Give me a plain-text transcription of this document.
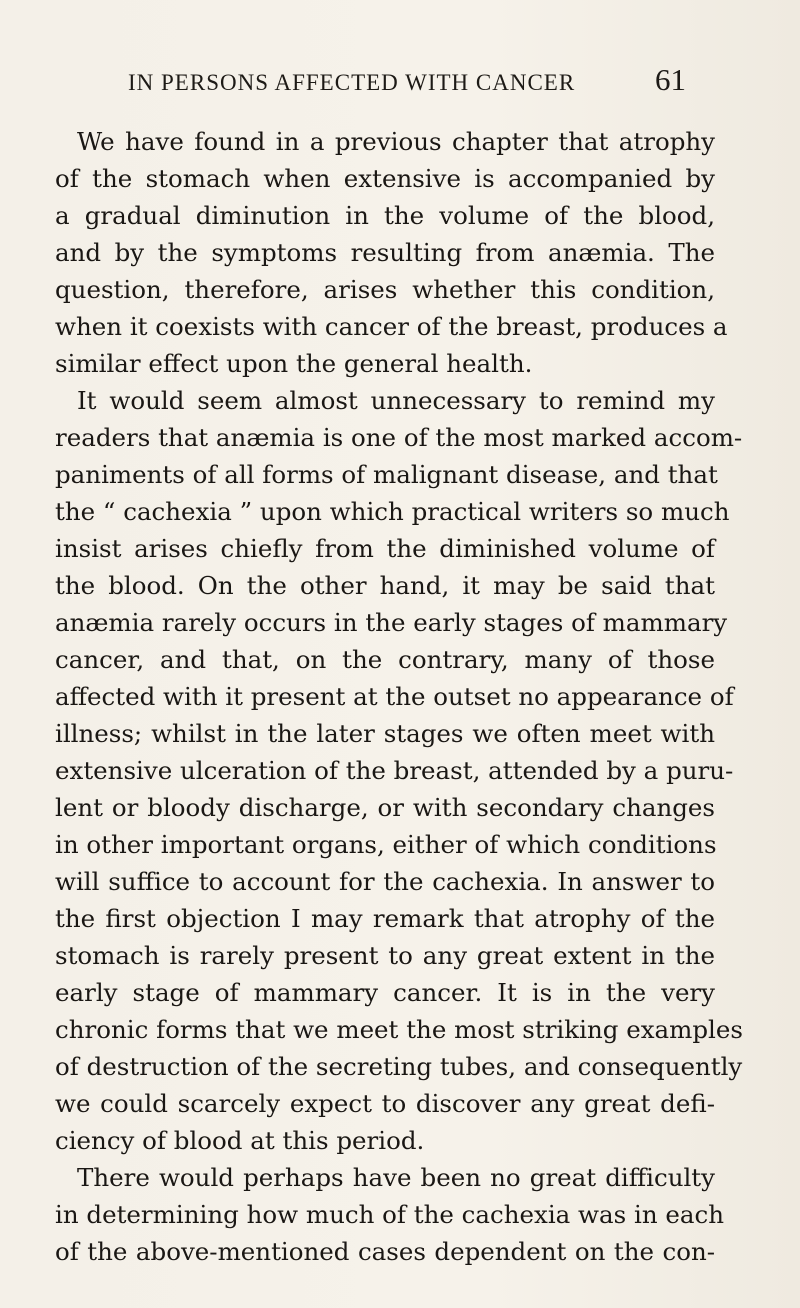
IN PERSONS AFFECTED WITH CANCER	61
We have found in a previous chapter that atrophy
of the stomach when extensive is accompanied by
a gradual diminution in the volume of the blood,
and by the symptoms resulting from anæmia. The
question, therefore, arises whether this condition,
when it coexists with cancer of the breast, produces a
similar effect upon the general health.
It would seem almost unnecessary to remind my
readers that anæmia is one of the most marked accom-
paniments of all forms of malignant disease, and that
the “ cachexia ” upon which practical writers so much
insist arises chiefly from the diminished volume of
the blood. On the other hand, it may be said that
anæmia rarely occurs in the early stages of mammary
cancer, and that, on the contrary, many of those
affected with it present at the outset no appearance of
illness; whilst in the later stages we often meet with
extensive ulceration of the breast, attended by a puru-
lent or bloody discharge, or with secondary changes
in other important organs, either of which conditions
will suffice to account for the cachexia. In answer to
the first objection I may remark that atrophy of the
stomach is rarely present to any great extent in the
early stage of mammary cancer. It is in the very
chronic forms that we meet the most striking examples
of destruction of the secreting tubes, and consequently
we could scarcely expect to discover any great defi-
ciency of blood at this period.
There would perhaps have been no great difficulty
in determining how much of the cachexia was in each
of the above-mentioned cases dependent on the con-
